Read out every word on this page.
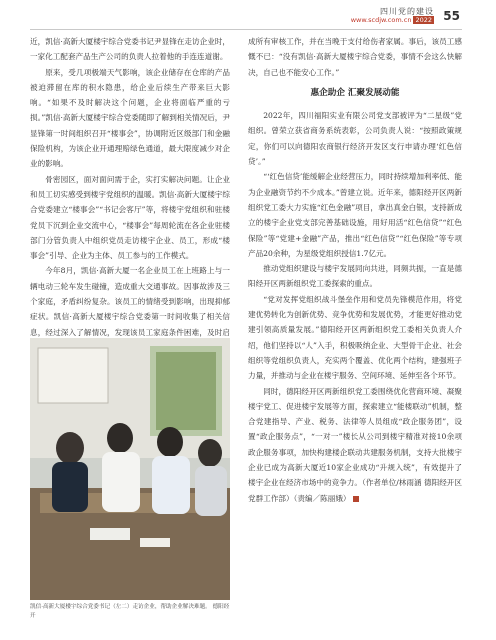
四川党的建设
www.scdjw.com.cn 2022 55

近，凯信·高新大厦楼宇综合党委书记尹显锋在走访企业时，一家化工配套产品生产公司的负责人拉着他的手连连道谢。

原来，受几项极端天气影响，该企业储存在仓库的产品被迫滞留在库的积水隐患，给企业后续生产带来巨大影响。“如果不及时解决这个问题，企业将面临严重的亏损。”凯信·高新大厦楼宇综合党委随即了解到相关情况后，尹显锋第一时间组织召开“楼事会”，协调附近区级部门和金融保险机构，为该企业开通理赔绿色通道，最大限度减少对企业的影响。

骨密园区，面对面问需于企，实打实解决问题。让企业和员工切实感受到楼宇党组织的温暖。凯信·高新大厦楼宇综合党委建立“楼事会”“书记会客厅”等，将楼宇党组织和驻楼党员下沉到企业交流中心，“楼事会”每周轮流在各企业驻楼部门分管负责人中组织党员走访楼宇企业、员工，形成“楼事会”引导、企业为主体、员工参与的工作模式。

今年8月，凯信·高新大厦一名企业员工在上班路上与一辆电动三轮车发生碰撞，造成重大交通事故。因事故涉及三个家庭，矛盾纠纷复杂。该员工的情绪受到影响，出现抑郁症状。凯信·高新大厦楼宇综合党委第一时间收集了相关信息，经过深入了解情况，发现该员工家庭条件困难，及时启

凯信·高新大厦楼宇综合党委书记（左二）走访企业，帮助企业解决难题。 德阳经开

成所有审核工作，并在当晚于支付给伤者家属。事后，该员工感慨不已：“没有凯信·高新大厦楼宇综合党委，事情不会这么快解决，自己也不能安心工作。”

惠企助企 汇聚发展动能

2022年，四川福阳实业有限公司党支部被评为“二星级”党组织。曾荣立获省商务系统表彰，公司负责人说：“按照政策规定，你们可以向德阳农商银行经济开发区支行申请办理‘红色信贷’。”

“‘红色信贷’能缓解企业经营压力，同时持续增加利率低、能为企业融资节约不少成本。”曾建立说。近年来，德阳经开区两新组织党工委大力实施“红色金融”项目，拿出真金白银，支持新成立的楼宇企业党支部完善基础设施，用好用活“红色信贷”“红色保险”等“党建+金融”产品，推出“红色信贷”“红色保险”等专项产品20余种，为星级党组织授信1.7亿元。

推动党组织建设与楼宇发展同向共进，同频共振，一直是德阳经开区两新组织党工委探索的重点。

“党对发挥党组织战斗堡垒作用和党员先锋模范作用，将党建优势转化为创新优势、竞争优势和发展优势，才能更好推动党建引领高质量发展。”德阳经开区两新组织党工委相关负责人介绍，他们坚持以“人”入手，积极吸纳企业、大型骨干企业、社会组织等党组织负责人，充实两个覆盖、优化两个结构，建强班子力量，并推动与企业在楼宇服务、空间环境、延伸至各个环节。

同时，德阳经开区两新组织党工委围绕优化营商环境、凝聚楼宇党工、促进楼宇发展等方面，探索建立“能楼联动”机制，整合党建指导、产业、税务、法律等人员组成“政企服务团”，设置“政企服务点”，“一对一”楼长从公司到楼宇精准对接10余项政企服务事项，加快构建楼企联动共建服务机制，支持大批楼宇企业已成为高新大厦近10家企业成功“升规入统”，有效提升了楼宇企业在经济市场中的竞争力。（作者单位/林雨涵 德阳经开区党群工作部）（责编／陈丽娥）
